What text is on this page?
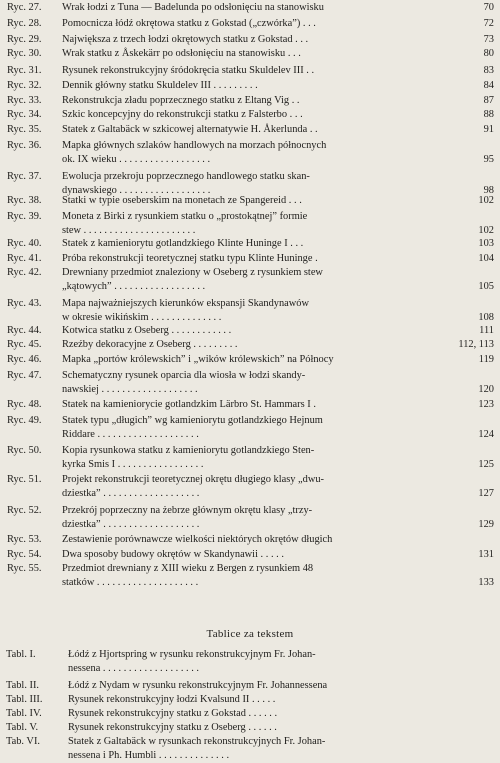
Ryc. 27. Wrak łodzi z Tuna — Badelunda po odsłonięciu na stanowisku	70
Ryc. 28. Pomocnicza łódź okrętowa statku z Gokstad („czwórka”) . . .	72
Ryc. 29. Największa z trzech łodzi okrętowych statku z Gokstad . . .	73
Ryc. 30. Wrak statku z Åskekärr po odsłonięciu na stanowisku . . .	80
Ryc. 31. Rysunek rekonstrukcyjny śródokręcia statku Skuldelev III . .	83
Ryc. 32. Dennik główny statku Skuldelev III . . . . . . . . .	84
Ryc. 33. Rekonstrukcja zładu poprzecznego statku z Eltang Vig . .	87
Ryc. 34. Szkic koncepcyjny do rekonstrukcji statku z Falsterbo . . .	88
Ryc. 35. Statek z Galtabäck w szkicowej alternatywie H. Åkerlunda . .	91
Ryc. 36. Mapka głównych szlaków handlowych na morzach północnych
ok. IX wieku . . . . . . . . . . . . . . . . . .	95
Ryc. 37. Ewolucja przekroju poprzecznego handlowego statku skan-
dynawskiego . . . . . . . . . . . . . . . . . .	98
Ryc. 38. Statki w typie oseberskim na monetach ze Spangereid . . .	102
Ryc. 39. Moneta z Birki z rysunkiem statku o „prostokątnej” formie
stew . . . . . . . . . . . . . . . . . . . . . .	102
Ryc. 40. Statek z kamieniorytu gotlandzkiego Klinte Huninge I . . .	103
Ryc. 41. Próba rekonstrukcji teoretycznej statku typu Klinte Huninge .	104
Ryc. 42. Drewniany przedmiot znaleziony w Oseberg z rysunkiem stew
„kątowych” . . . . . . . . . . . . . . . . . .	105
Ryc. 43. Mapa najważniejszych kierunków ekspansji Skandynawów
w okresie wikińskim . . . . . . . . . . . . . .	108
Ryc. 44. Kotwica statku z Oseberg . . . . . . . . . . . .	111
Ryc. 45. Rzeźby dekoracyjne z Oseberg . . . . . . . . .	112, 113
Ryc. 46. Mapka „portów królewskich” i „wików królewskich” na Północy	119
Ryc. 47. Schematyczny rysunek oparcia dla wiosła w łodzi skandy-
nawskiej . . . . . . . . . . . . . . . . . . .	120
Ryc. 48. Statek na kamieniorycie gotlandzkim Lärbro St. Hammars I .	123
Ryc. 49. Statek typu „długich” wg kamieniorytu gotlandzkiego Hejnum
Riddare . . . . . . . . . . . . . . . . . . . .	124
Ryc. 50. Kopia rysunkowa statku z kamieniorytu gotlandzkiego Sten-
kyrka Smis I . . . . . . . . . . . . . . . . .	125
Ryc. 51. Projekt rekonstrukcji teoretycznej okrętu długiego klasy „dwu-
dziestka” . . . . . . . . . . . . . . . . . . .	127
Ryc. 52. Przekrój poprzeczny na żebrze głównym okrętu klasy „trzy-
dziestka” . . . . . . . . . . . . . . . . . . .	129
Ryc. 53. Zestawienie porównawcze wielkości niektórych okrętów długich
Ryc. 54. Dwa sposoby budowy okrętów w Skandynawii . . . . .	131
Ryc. 55. Przedmiot drewniany z XIII wieku z Bergen z rysunkiem 48
statków . . . . . . . . . . . . . . . . . . . .	133
Tablice za tekstem
Tabl. I.	Łódź z Hjortspring w rysunku rekonstrukcyjnym Fr. Johan-
nessena . . . . . . . . . . . . . . . . . . .
Tabl. II.	Łódź z Nydam w rysunku rekonstrukcyjnym Fr. Johannessena
Tabl. III. Rysunek rekonstrukcyjny łodzi Kvalsund II . . . . .
Tabl. IV.	Rysunek rekonstrukcyjny statku z Gokstad . . . . . .
Tabl. V.	Rysunek rekonstrukcyjny statku z Oseberg . . . . . .
Tab. VI.	Statek z Galtabäck w rysunkach rekonstrukcyjnych Fr. Johan-
nessena i Ph. Humbli . . . . . . . . . . . . . .
